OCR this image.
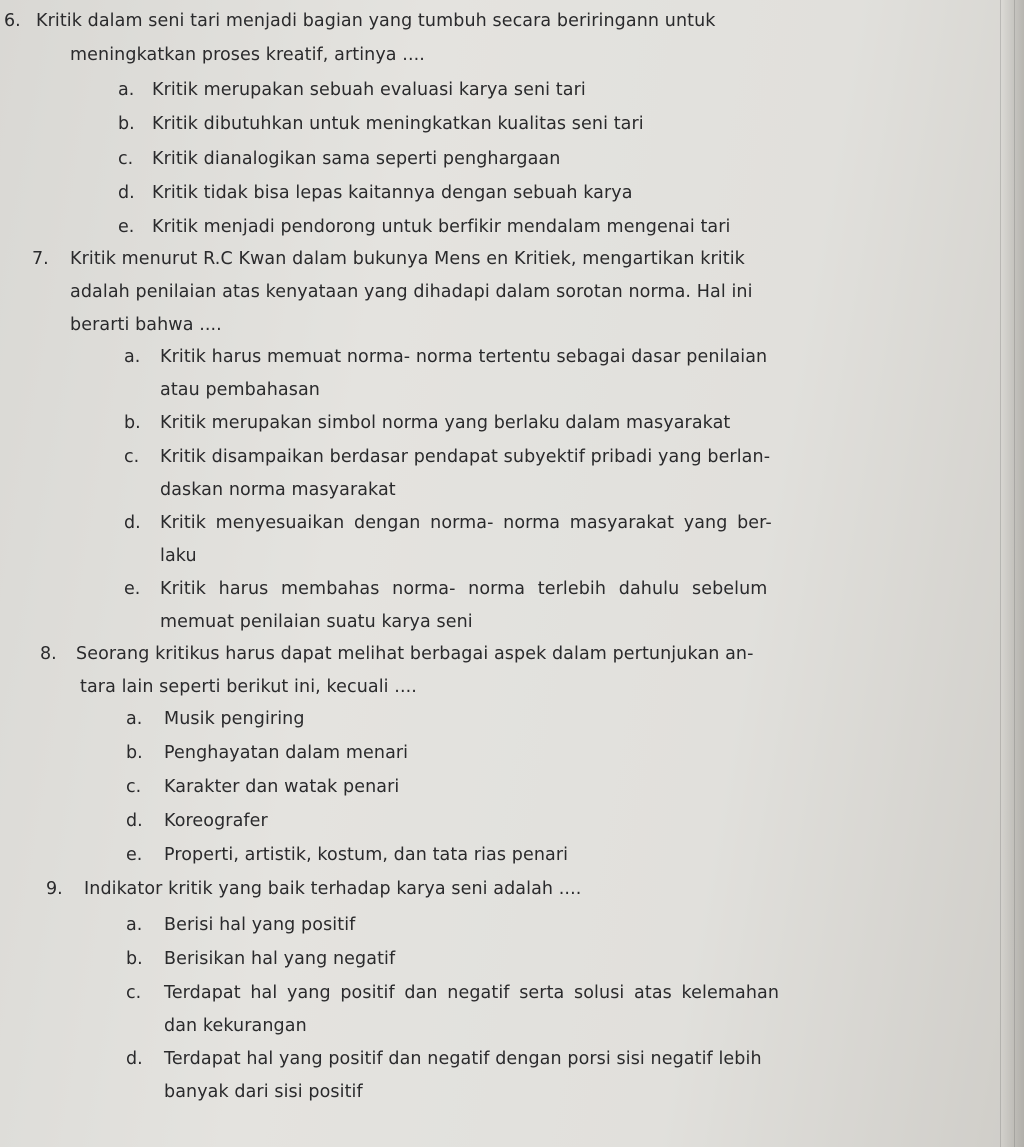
6. Kritik dalam seni tari menjadi bagian yang tumbuh secara beriringann untuk
meningkatkan proses kreatif, artinya ....
a. Kritik merupakan sebuah evaluasi karya seni tari
b. Kritik dibutuhkan untuk meningkatkan kualitas seni tari
c. Kritik dianalogikan sama seperti penghargaan
d. Kritik tidak bisa lepas kaitannya dengan sebuah karya
e. Kritik menjadi pendorong untuk berfikir mendalam mengenai tari
7. Kritik menurut R.C Kwan dalam bukunya Mens en Kritiek, mengartikan kritik
adalah penilaian atas kenyataan yang dihadapi dalam sorotan norma. Hal ini
berarti bahwa ....
a. Kritik harus memuat norma- norma tertentu sebagai dasar penilaian
atau pembahasan
b. Kritik merupakan simbol norma yang berlaku dalam masyarakat
c. Kritik disampaikan berdasar pendapat subyektif pribadi yang berlan-
daskan norma masyarakat
d. Kritik menyesuaikan dengan norma- norma masyarakat yang ber-
laku
e. Kritik harus membahas norma- norma terlebih dahulu sebelum
memuat penilaian suatu karya seni
8. Seorang kritikus harus dapat melihat berbagai aspek dalam pertunjukan an-
tara lain seperti berikut ini, kecuali ....
a. Musik pengiring
b. Penghayatan dalam menari
c. Karakter dan watak penari
d. Koreografer
e. Properti, artistik, kostum, dan tata rias penari
9. Indikator kritik yang baik terhadap karya seni adalah ....
a. Berisi hal yang positif
b. Berisikan hal yang negatif
c. Terdapat hal yang positif dan negatif serta solusi atas kelemahan
dan kekurangan
d. Terdapat hal yang positif dan negatif dengan porsi sisi negatif lebih
banyak dari sisi positif
